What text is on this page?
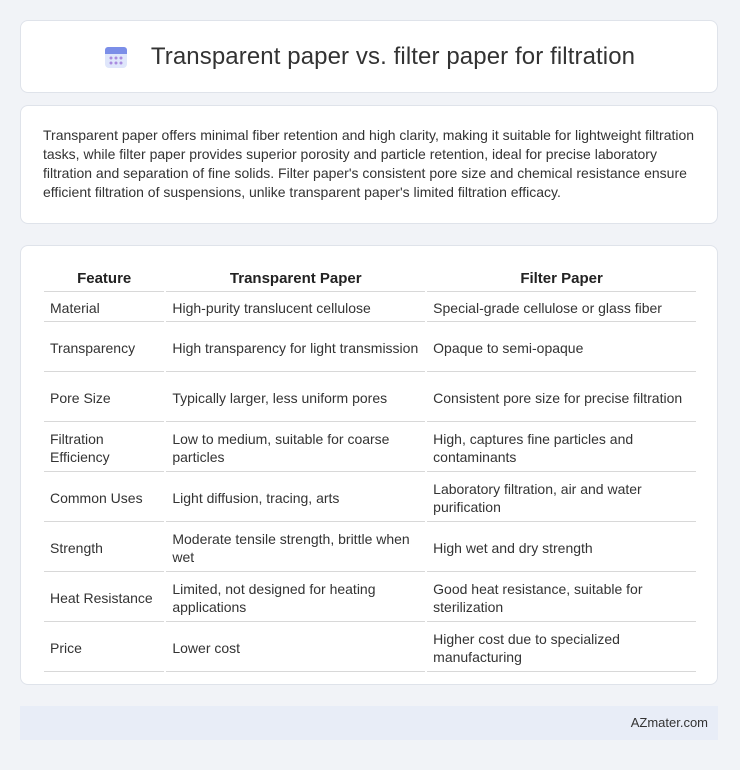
Transparent paper vs. filter paper for filtration
Transparent paper offers minimal fiber retention and high clarity, making it suitable for lightweight filtration tasks, while filter paper provides superior porosity and particle retention, ideal for precise laboratory filtration and separation of fine solids. Filter paper's consistent pore size and chemical resistance ensure efficient filtration of suspensions, unlike transparent paper's limited filtration efficacy.
Feature	Transparent Paper	Filter Paper
Material	High-purity translucent cellulose	Special-grade cellulose or glass fiber
Transparency	High transparency for light transmission	Opaque to semi-opaque
Pore Size	Typically larger, less uniform pores	Consistent pore size for precise filtration
Filtration Efficiency	Low to medium, suitable for coarse particles	High, captures fine particles and contaminants
Common Uses	Light diffusion, tracing, arts	Laboratory filtration, air and water purification
Strength	Moderate tensile strength, brittle when wet	High wet and dry strength
Heat Resistance	Limited, not designed for heating applications	Good heat resistance, suitable for sterilization
Price	Lower cost	Higher cost due to specialized manufacturing
AZmater.com
